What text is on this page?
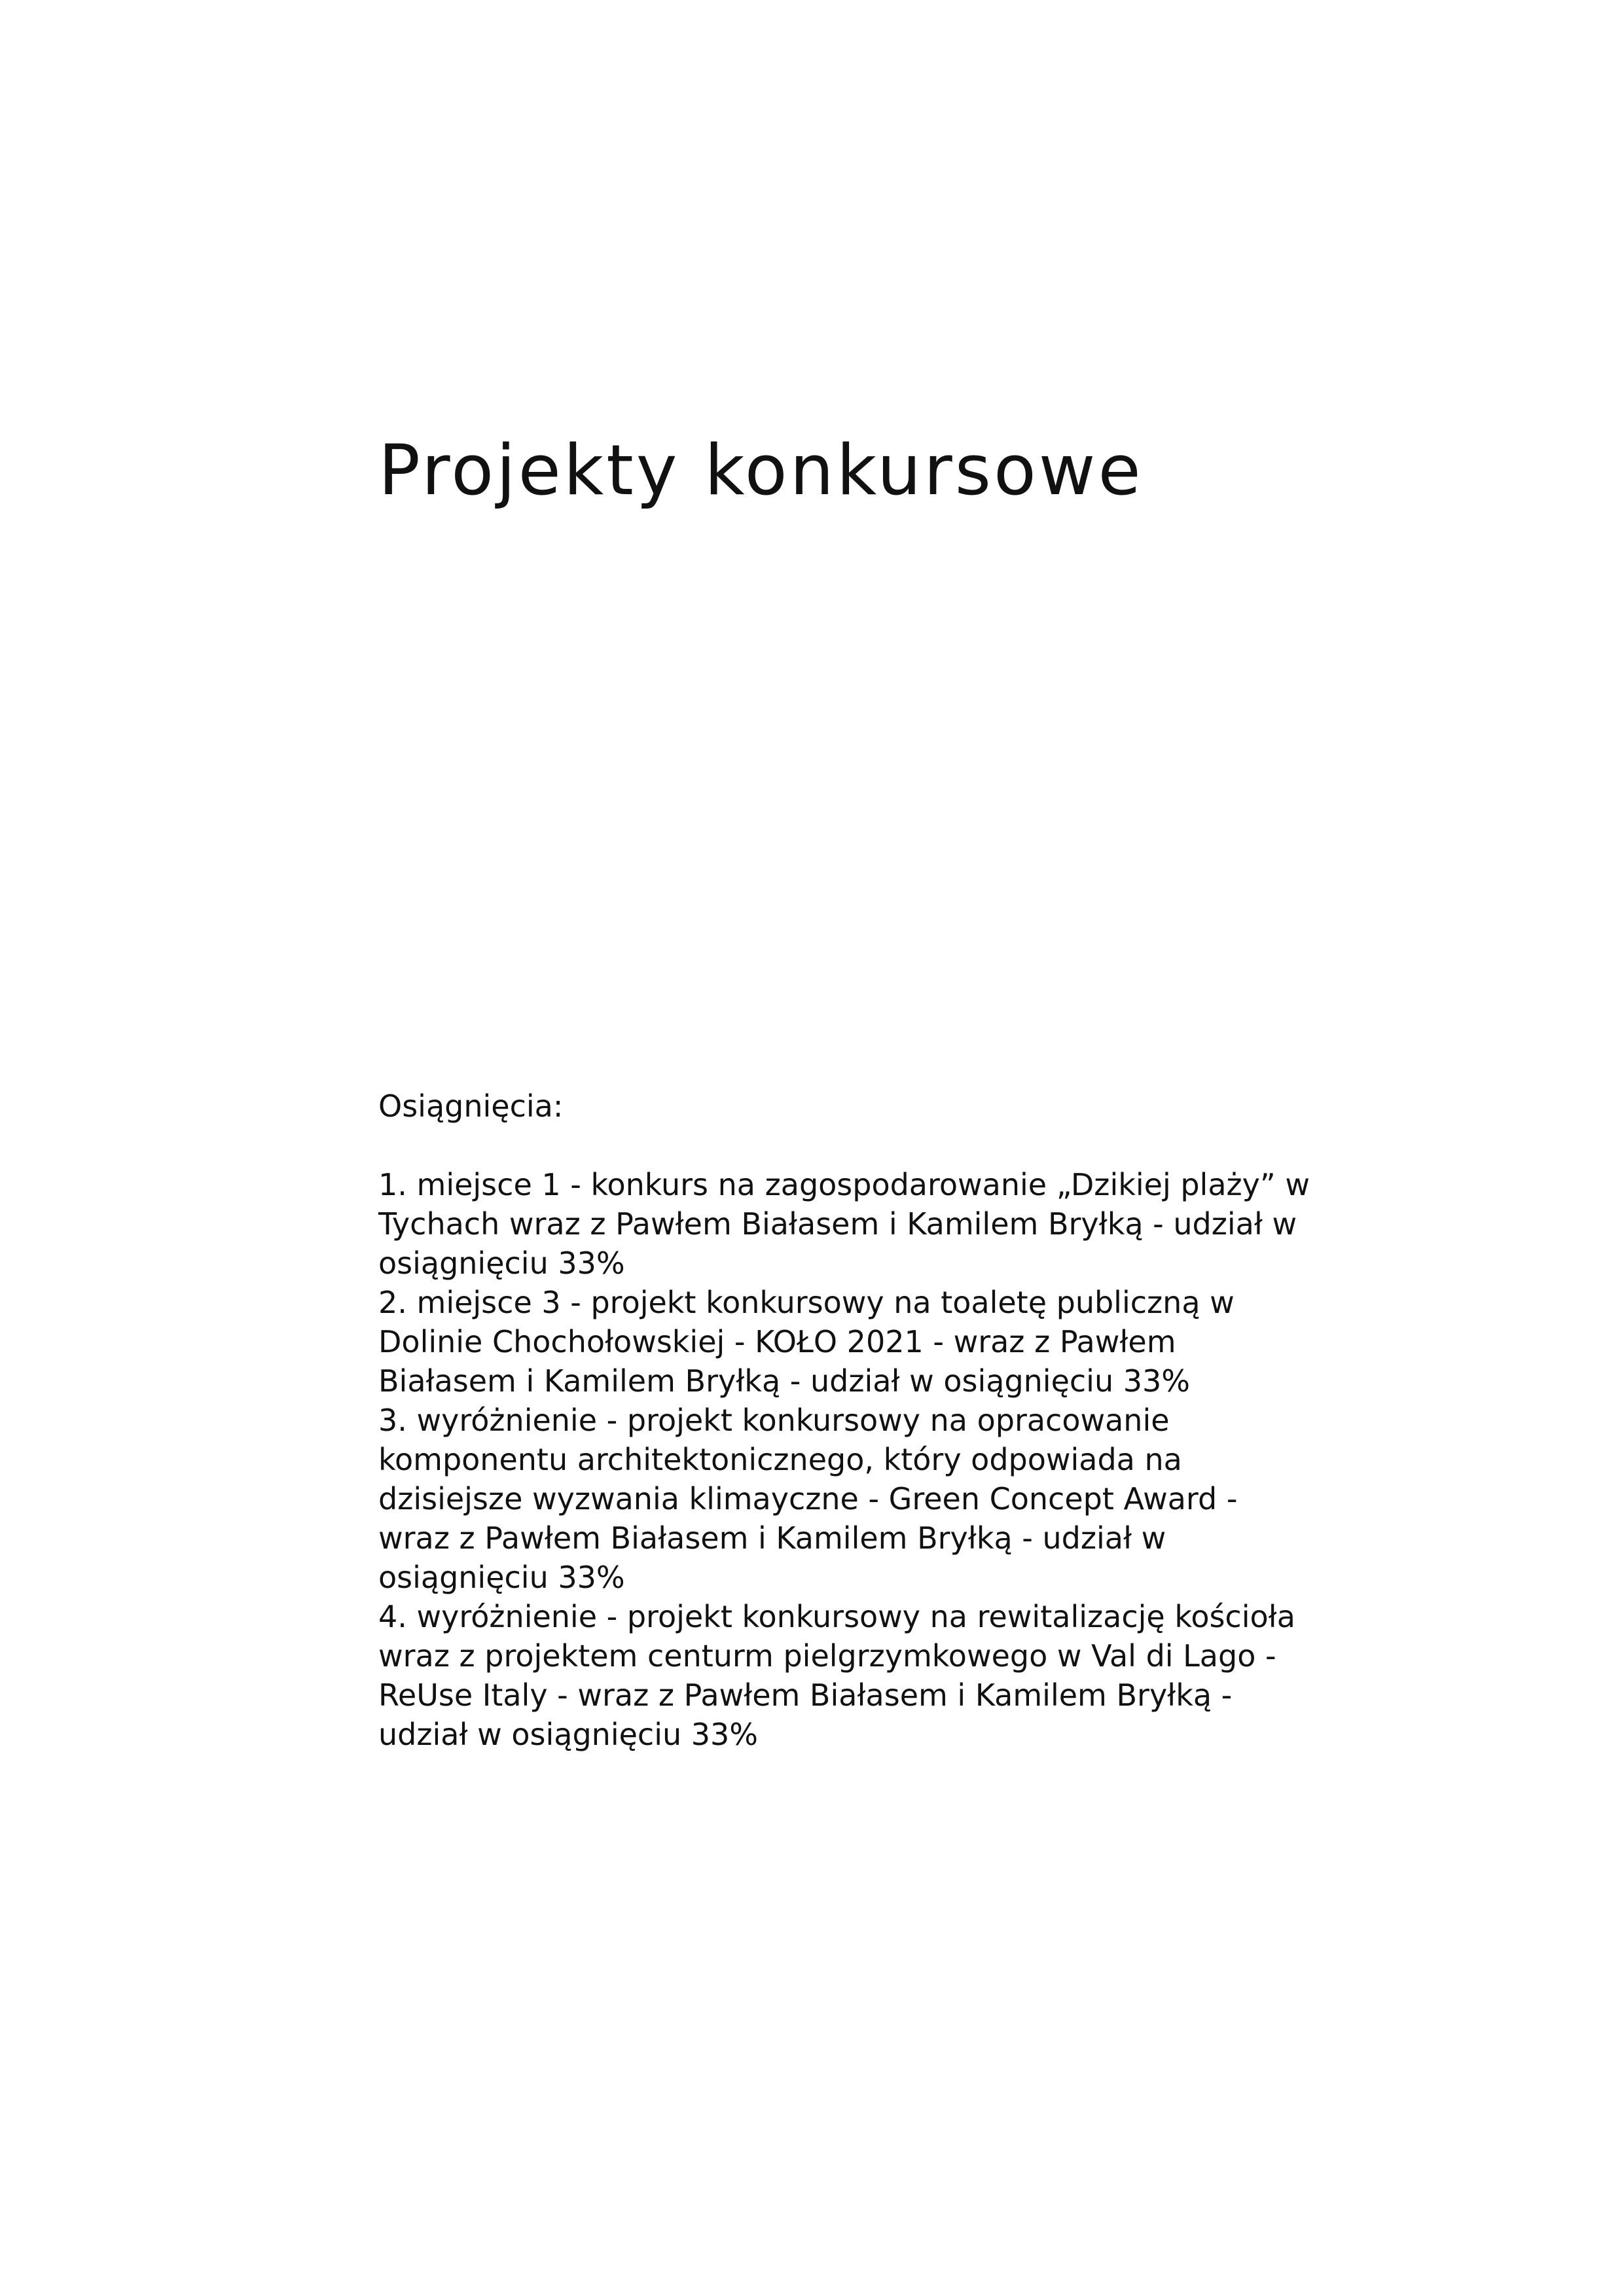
Projekty konkursowe

Osiągnięcia:

1. miejsce 1 - konkurs na zagospodarowanie „Dzikiej plaży” w
Tychach wraz z Pawłem Białasem i Kamilem Bryłką - udział w
osiągnięciu 33%
2. miejsce 3 - projekt konkursowy na toaletę publiczną w
Dolinie Chochołowskiej - KOŁO 2021 - wraz z Pawłem
Białasem i Kamilem Bryłką - udział w osiągnięciu 33%
3. wyróżnienie - projekt konkursowy na opracowanie
komponentu architektonicznego, który odpowiada na
dzisiejsze wyzwania klimayczne - Green Concept Award -
wraz z Pawłem Białasem i Kamilem Bryłką - udział w
osiągnięciu 33%
4. wyróżnienie - projekt konkursowy na rewitalizację kościoła
wraz z projektem centurm pielgrzymkowego w Val di Lago -
ReUse Italy - wraz z Pawłem Białasem i Kamilem Bryłką -
udział w osiągnięciu 33%
